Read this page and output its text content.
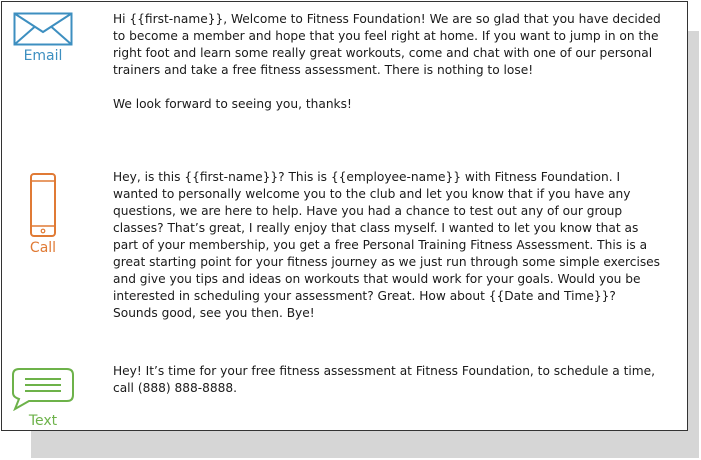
Email

Hi {{first-name}}, Welcome to Fitness Foundation! We are so glad that you have decided to become a member and hope that you feel right at home. If you want to jump in on the right foot and learn some really great workouts, come and chat with one of our personal trainers and take a free fitness assessment. There is nothing to lose!

We look forward to seeing you, thanks!

Call

Hey, is this {{first-name}}? This is {{employee-name}} with Fitness Foundation. I wanted to personally welcome you to the club and let you know that if you have any questions, we are here to help. Have you had a chance to test out any of our group classes? That’s great, I really enjoy that class myself. I wanted to let you know that as part of your membership, you get a free Personal Training Fitness Assessment. This is a great starting point for your fitness journey as we just run through some simple exercises and give you tips and ideas on workouts that would work for your goals. Would you be interested in scheduling your assessment? Great. How about {{Date and Time}}? Sounds good, see you then. Bye!

Text

Hey! It’s time for your free fitness assessment at Fitness Foundation, to schedule a time, call (888) 888-8888.
